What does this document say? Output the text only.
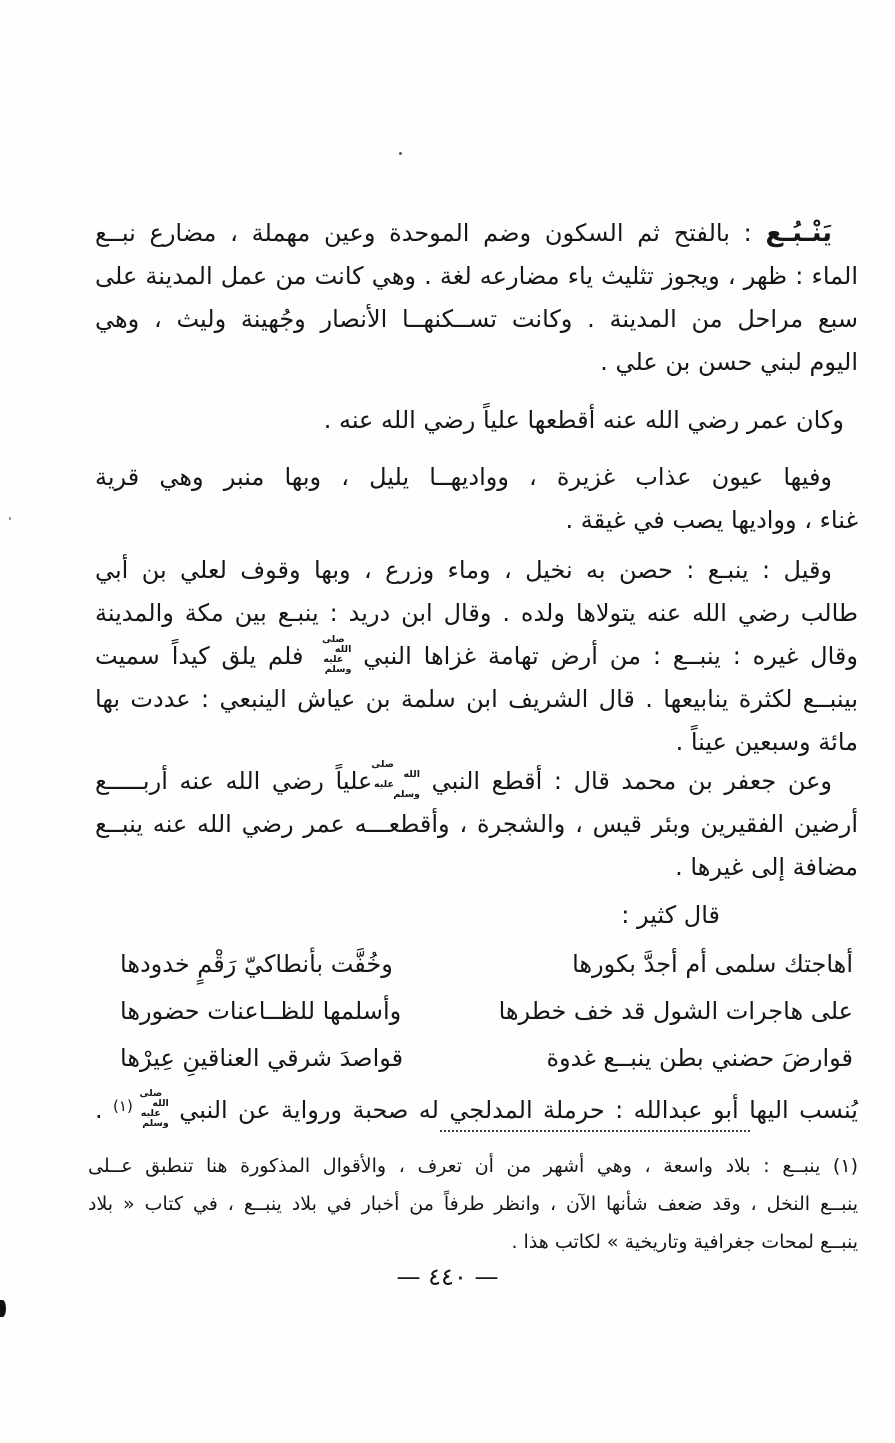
يَنْـبُـع : بالفتح ثم السكون وضم الموحدة وعين مهملة ، مضارع نبــع
الماء : ظهر ، ويجوز تثليث ياء مضارعه لغة . وهي كانت من عمل المدينة على
سبع مراحل من المدينة . وكانت تســكنهــا الأنصار وجُهينة وليث ، وهي
اليوم لبني حسن بن علي .
وكان عمر رضي الله عنه أقطعها علياً رضي الله عنه .
وفيها عيون عذاب غزيرة ، وواديهــا يليل ، وبها منبر وهي قرية
غناء ، وواديها يصب في غيقة .
وقيل : ينبـع : حصن به نخيل ، وماء وزرع ، وبها وقوف لعلي بن أبي
طالب رضي الله عنه يتولاها ولده . وقال ابن دريد : ينبـع بين مكة والمدينة
وقال غيره : ينبــع : من أرض تهامة غزاها النبي
صلى الله
عليه وسلم
فلم يلق كيداً سميت
بينبــع لكثرة ينابيعها . قال الشريف ابن سلمة بن عياش الينبعي : عددت بها
مائة وسبعين عيناً .
وعن جعفر بن محمد قال : أقطع النبي
صلى الله
عليه وسلم
علياً رضي الله عنه أربـــــع
أرضين الفقيرين وبئر قيس ، والشجرة ، وأقطعـــه عمر رضي الله عنه ينبــع
مضافة إلى غيرها .
قال كثير :
أهاجتك سلمى أم أجدَّ بكورها
وخُفَّت بأنطاكيّ رَقْمٍ خدودها
على هاجرات الشول قد خف خطرها
وأسلمها للظــاعنات حضورها
قوارضَ حضني بطن ينبــع غدوة
قواصدَ شرقي العناقينِ عِيرْها
يُنسب اليها أبو عبدالله : حرملة المدلجي له صحبة ورواية عن النبي
صلى الله
عليه وسلم
$^{(١)}$ .
(١) ينبــع : بلاد واسعة ، وهي أشهر من أن تعرف ، والأقوال المذكورة هنا تنطبق عــلى
ينبــع النخل ، وقد ضعف شأنها الآن ، وانظر طرفاً من أخبار في بلاد ينبــع ، في كتاب « بلاد
ينبــع لمحات جغرافية وتاريخية » لكاتب هذا .
— ٤٤٠ —
